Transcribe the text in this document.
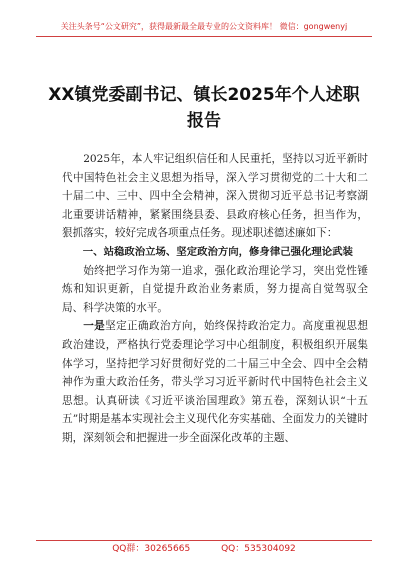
关注头条号“公文研究”，获得最新最全最专业的公文资料库！ 微信：gongwenyj
XX镇党委副书记、镇长2025年个人述职报告

2025年，本人牢记组织信任和人民重托，坚持以习近平新时代中国特色社会主义思想为指导，深入学习贯彻党的二十大和二十届二中、三中、四中全会精神，深入贯彻习近平总书记考察湖北重要讲话精神，紧紧围绕县委、县政府核心任务，担当作为，狠抓落实，较好完成各项重点任务。现述职述德述廉如下：

一、站稳政治立场、坚定政治方向，修身律己强化理论武装

始终把学习作为第一追求，强化政治理论学习，突出党性锤炼和知识更新，自觉提升政治业务素质，努力提高自觉驾驭全局、科学决策的水平。

一是坚定正确政治方向，始终保持政治定力。高度重视思想政治建设，严格执行党委理论学习中心组制度，积极组织开展集体学习，坚持把学习好贯彻好党的二十届三中全会、四中全会精神作为重大政治任务，带头学习习近平新时代中国特色社会主义思想。认真研读《习近平谈治国理政》第五卷，深刻认识“十五五”时期是基本实现社会主义现代化夯实基础、全面发力的关键时期，深刻领会和把握进一步全面深化改革的主题、

QQ群：30265665	QQ：535304092
